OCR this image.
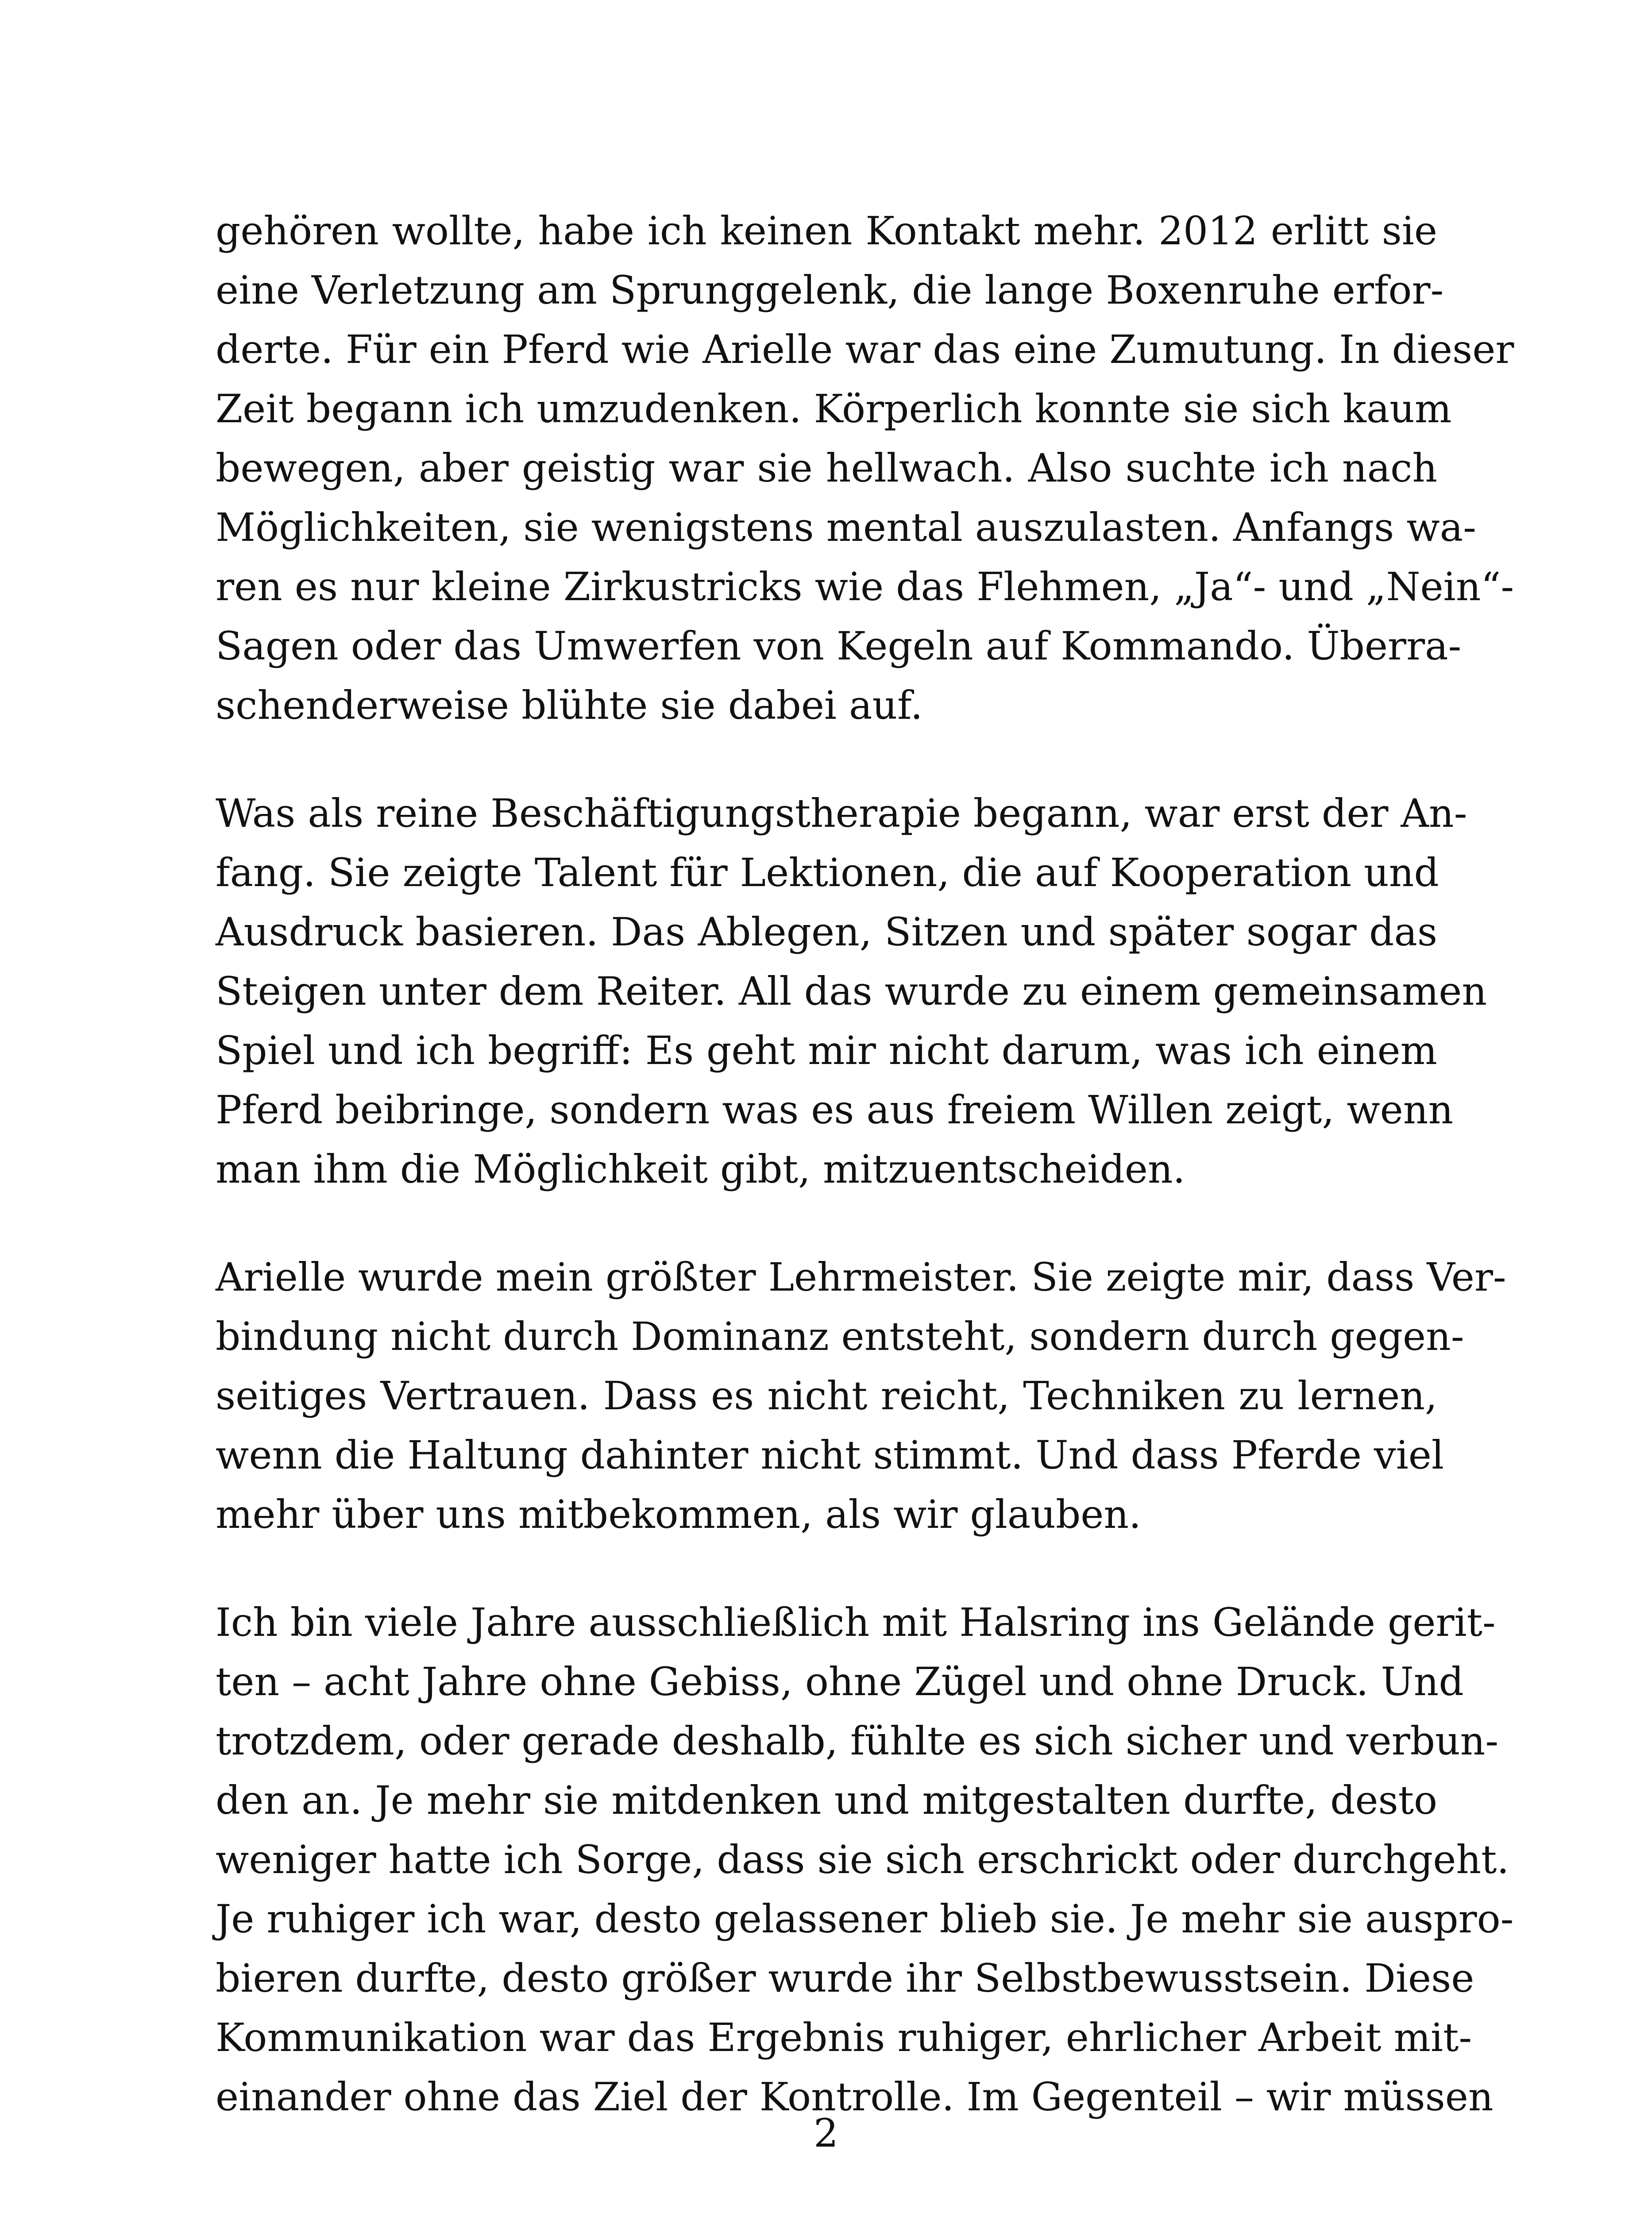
gehören wollte, habe ich keinen Kontakt mehr. 2012 erlitt sie
eine Verletzung am Sprunggelenk, die lange Boxenruhe erfor-
derte. Für ein Pferd wie Arielle war das eine Zumutung. In dieser
Zeit begann ich umzudenken. Körperlich konnte sie sich kaum
bewegen, aber geistig war sie hellwach. Also suchte ich nach
Möglichkeiten, sie wenigstens mental auszulasten. Anfangs wa-
ren es nur kleine Zirkustricks wie das Flehmen, „Ja“- und „Nein“-
Sagen oder das Umwerfen von Kegeln auf Kommando. Überra-
schenderweise blühte sie dabei auf.

Was als reine Beschäftigungstherapie begann, war erst der An-
fang. Sie zeigte Talent für Lektionen, die auf Kooperation und
Ausdruck basieren. Das Ablegen, Sitzen und später sogar das
Steigen unter dem Reiter. All das wurde zu einem gemeinsamen
Spiel und ich begriff: Es geht mir nicht darum, was ich einem
Pferd beibringe, sondern was es aus freiem Willen zeigt, wenn
man ihm die Möglichkeit gibt, mitzuentscheiden.

Arielle wurde mein größter Lehrmeister. Sie zeigte mir, dass Ver-
bindung nicht durch Dominanz entsteht, sondern durch gegen-
seitiges Vertrauen. Dass es nicht reicht, Techniken zu lernen,
wenn die Haltung dahinter nicht stimmt. Und dass Pferde viel
mehr über uns mitbekommen, als wir glauben.

Ich bin viele Jahre ausschließlich mit Halsring ins Gelände gerit-
ten – acht Jahre ohne Gebiss, ohne Zügel und ohne Druck. Und
trotzdem, oder gerade deshalb, fühlte es sich sicher und verbun-
den an. Je mehr sie mitdenken und mitgestalten durfte, desto
weniger hatte ich Sorge, dass sie sich erschrickt oder durchgeht.
Je ruhiger ich war, desto gelassener blieb sie. Je mehr sie auspro-
bieren durfte, desto größer wurde ihr Selbstbewusstsein. Diese
Kommunikation war das Ergebnis ruhiger, ehrlicher Arbeit mit-
einander ohne das Ziel der Kontrolle. Im Gegenteil – wir müssen

2
